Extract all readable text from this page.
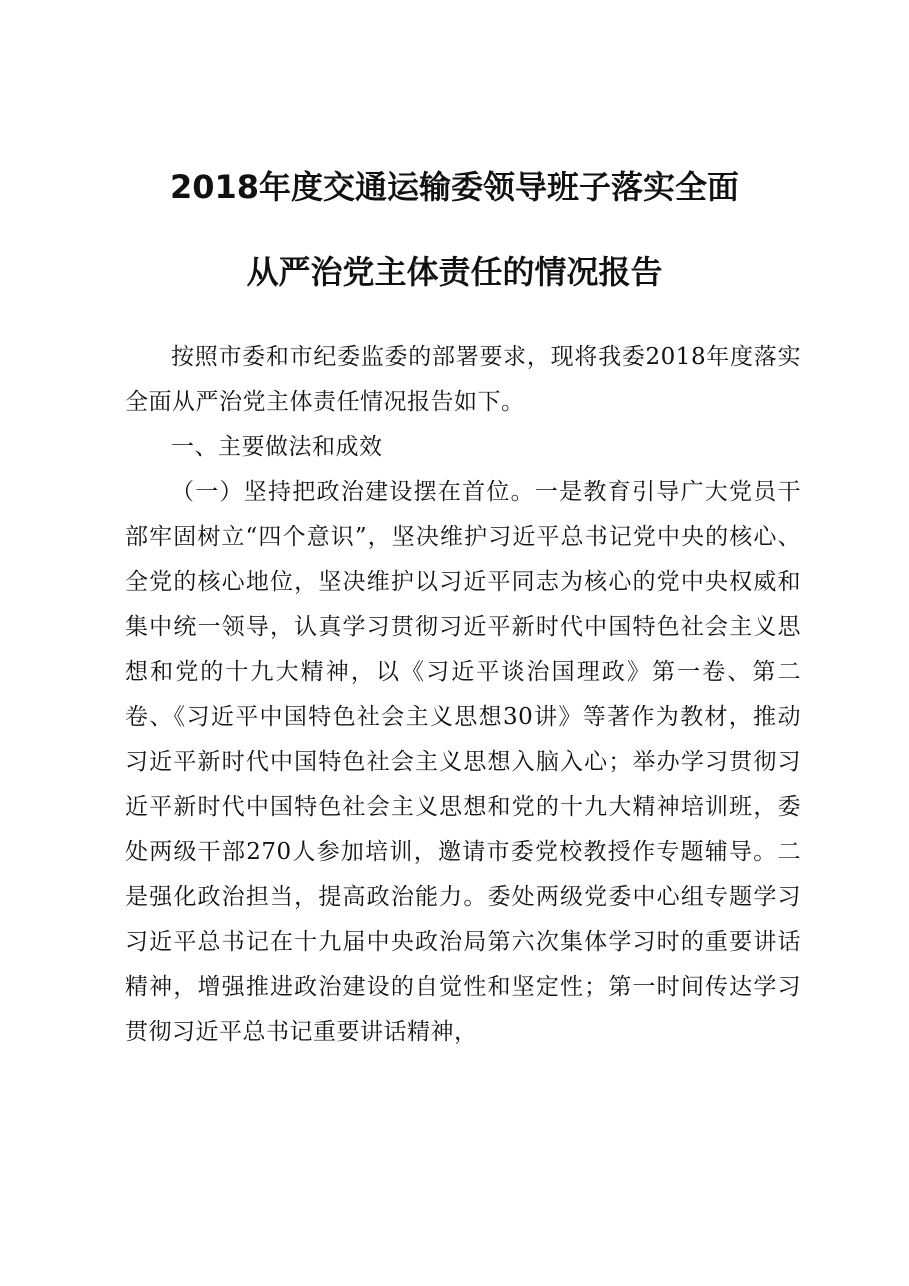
2018年度交通运输委领导班子落实全面
从严治党主体责任的情况报告

按照市委和市纪委监委的部署要求，现将我委2018年度落实全面从严治党主体责任情况报告如下。

一、主要做法和成效

（一）坚持把政治建设摆在首位。一是教育引导广大党员干部牢固树立“四个意识”，坚决维护习近平总书记党中央的核心、全党的核心地位，坚决维护以习近平同志为核心的党中央权威和集中统一领导，认真学习贯彻习近平新时代中国特色社会主义思想和党的十九大精神，以《习近平谈治国理政》第一卷、第二卷、《习近平中国特色社会主义思想30讲》等著作为教材，推动习近平新时代中国特色社会主义思想入脑入心；举办学习贯彻习近平新时代中国特色社会主义思想和党的十九大精神培训班，委处两级干部270人参加培训，邀请市委党校教授作专题辅导。二是强化政治担当，提高政治能力。委处两级党委中心组专题学习习近平总书记在十九届中央政治局第六次集体学习时的重要讲话精神，增强推进政治建设的自觉性和坚定性；第一时间传达学习贯彻习近平总书记重要讲话精神，
